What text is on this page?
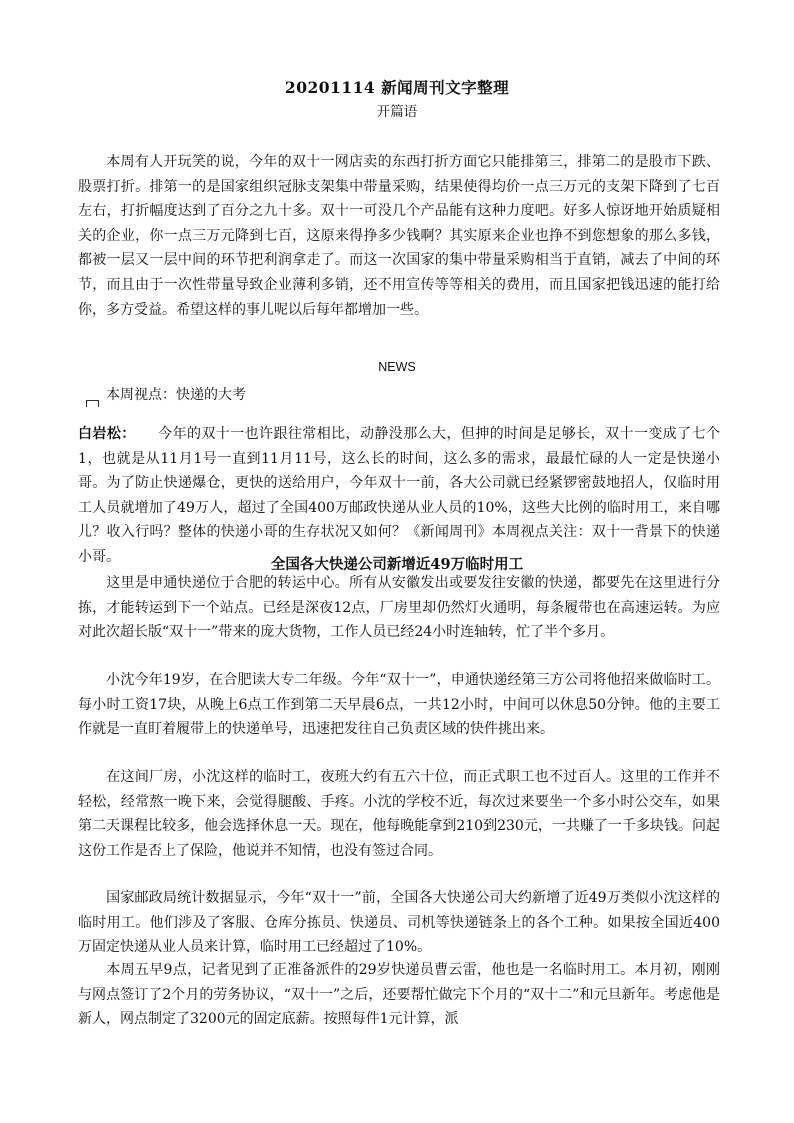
20201114 新闻周刊文字整理
开篇语

本周有人开玩笑的说，今年的双十一网店卖的东西打折方面它只能排第三，排第二的是股市下跌、股票打折。排第一的是国家组织冠脉支架集中带量采购，结果使得均价一点三万元的支架下降到了七百左右，打折幅度达到了百分之九十多。双十一可没几个产品能有这种力度吧。好多人惊讶地开始质疑相关的企业，你一点三万元降到七百，这原来得挣多少钱啊？其实原来企业也挣不到您想象的那么多钱，都被一层又一层中间的环节把利润拿走了。而这一次国家的集中带量采购相当于直销，减去了中间的环节，而且由于一次性带量导致企业薄利多销，还不用宣传等等相关的费用，而且国家把钱迅速的能打给你，多方受益。希望这样的事儿呢以后每年都增加一些。

NEWS
本周视点：快递的大考

白岩松： 今年的双十一也许跟往常相比，动静没那么大，但抻的时间是足够长，双十一变成了七个1，也就是从11月1号一直到11月11号，这么长的时间，这么多的需求，最最忙碌的人一定是快递小哥。为了防止快递爆仓，更快的送给用户，今年双十一前，各大公司就已经紧锣密鼓地招人，仅临时用工人员就增加了49万人，超过了全国400万邮政快递从业人员的10%，这些大比例的临时用工，来自哪儿？收入行吗？整体的快递小哥的生存状况又如何？《新闻周刊》本周视点关注：双十一背景下的快递小哥。	全国各大快递公司新增近49万临时用工

这里是申通快递位于合肥的转运中心。所有从安徽发出或要发往安徽的快递，都要先在这里进行分拣，才能转运到下一个站点。已经是深夜12点，厂房里却仍然灯火通明，每条履带也在高速运转。为应对此次超长版“双十一”带来的庞大货物，工作人员已经24小时连轴转，忙了半个多月。

小沈今年19岁，在合肥读大专二年级。今年“双十一”，申通快递经第三方公司将他招来做临时工。每小时工资17块，从晚上6点工作到第二天早晨6点，一共12小时，中间可以休息50分钟。他的主要工作就是一直盯着履带上的快递单号，迅速把发往自己负责区域的快件挑出来。

在这间厂房，小沈这样的临时工，夜班大约有五六十位，而正式职工也不过百人。这里的工作并不轻松，经常熬一晚下来，会觉得腿酸、手疼。小沈的学校不近，每次过来要坐一个多小时公交车，如果第二天课程比较多，他会选择休息一天。现在，他每晚能拿到210到230元，一共赚了一千多块钱。问起这份工作是否上了保险，他说并不知情，也没有签过合同。

国家邮政局统计数据显示，今年“双十一”前，全国各大快递公司大约新增了近49万类似小沈这样的临时用工。他们涉及了客服、仓库分拣员、快递员、司机等快递链条上的各个工种。如果按全国近400万固定快递从业人员来计算，临时用工已经超过了10%。

本周五早9点，记者见到了正准备派件的29岁快递员曹云雷，他也是一名临时用工。本月初，刚刚与网点签订了2个月的劳务协议，“双十一”之后，还要帮忙做完下个月的“双十二”和元旦新年。考虑他是新人，网点制定了3200元的固定底薪。按照每件1元计算，派
